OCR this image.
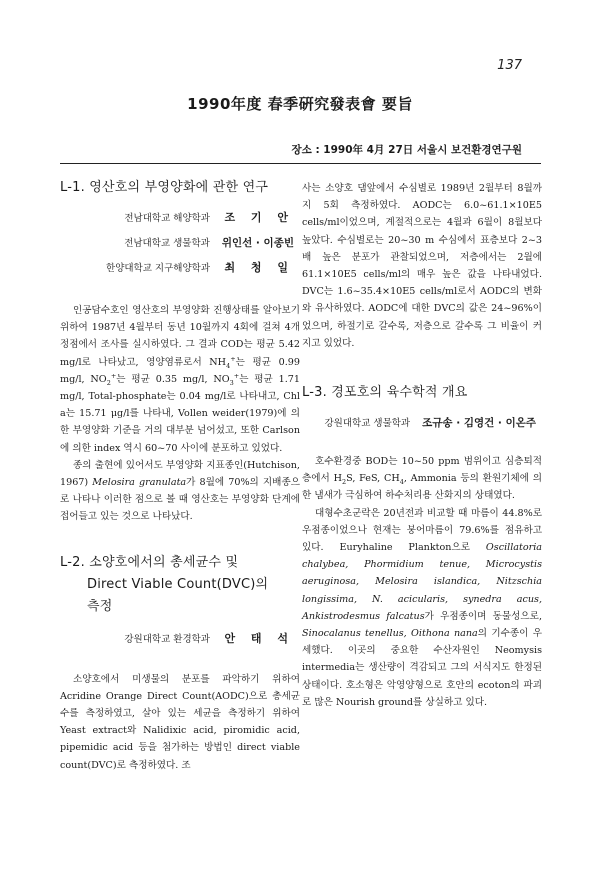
137
1990年度 春季硏究發表會 要旨
장소 : 1990年 4月 27日 서울시 보건환경연구원
L-1. 영산호의 부영양화에 관한 연구
전남대학교 해양학과 조 기 안
전남대학교 생물학과 위인선 · 이종빈
한양대학교 지구해양학과 최 청 일

인공담수호인 영산호의 부영양화 진행상태를 알아보기 위하여 1987년 4월부터 동년 10월까지 4회에 걸쳐 4개 정점에서 조사를 실시하였다. 그 결과 COD는 평균 5.42 mg/l로 나타났고, 영양염류로서 $NH_4^+$는 평균 0.99 mg/l, $NO_2^+$는 평균 0.35 mg/l, $NO_3^+$는 평균 1.71 mg/l, Total-phosphate는 0.04 mg/l로 나타내고, Chl a는 15.71 μg/l를 나타내, Vollen weider(1979)에 의한 부영양화 기준을 거의 대부분 넘어섰고, 또한 Carlson에 의한 index 역시 60~70 사이에 분포하고 있었다.

종의 출현에 있어서도 부영양화 지표종인(Hutchison, 1967) Melosira granulata가 8월에 70%의 지배종으로 나타나 이러한 점으로 볼 때 영산호는 부영양화 단계에 접어들고 있는 것으로 나타났다.

L-2. 소양호에서의 총세균수 및
Direct Viable Count(DVC)의
측정
강원대학교 환경학과 안 태 석

소양호에서 미생물의 분포를 파악하기 위하여 Acridine Orange Direct Count(AODC)으로 총세균수를 측정하였고, 살아 있는 세균을 측정하기 위하여 Yeast extract와 Nalidixic acid, piromidic acid, pipemidic acid 등을 첨가하는 방법인 direct viable count(DVC)로 측정하였다. 조

사는 소양호 댐앞에서 수심별로 1989년 2월부터 8월까지 5회 측정하였다. AODC는 6.0~61.1×10E5 cells/ml이었으며, 계절적으로는 4월과 6월이 8월보다 높았다. 수심별로는 20~30 m 수심에서 표층보다 2~3배 높은 분포가 관찰되었으며, 저층에서는 2월에 61.1×10E5 cells/ml의 매우 높은 값을 나타내었다. DVC는 1.6~35.4×10E5 cells/ml로서 AODC의 변화와 유사하였다. AODC에 대한 DVC의 값은 24~96%이었으며, 하절기로 갈수록, 저층으로 갈수록 그 비율이 커지고 있었다.

L-3. 경포호의 육수학적 개요
강원대학교 생물학과 조규송 · 김영건 · 이온주

호수환경중 BOD는 10~50 ppm 범위이고 심층퇴적층에서 $H_2S$, FeS, $CH_4$, Ammonia 등의 환원기체에 의한 냄새가 극심하여 하수처리용 산화지의 상태였다.

대형수초군락은 20년전과 비교할 때 마름이 44.8%로 우점종이었으나 현재는 붕어마름이 79.6%를 점유하고 있다. Euryhaline Plankton으로 Oscillatoria chalybea, Phormidium tenue, Microcystis aeruginosa, Melosira islandica, Nitzschia longissima, N. acicularis, synedra acus, Ankistrodesmus falcatus가 우점종이며 동물성으로, Sinocalanus tenellus, Oithona nana의 기수종이 우세했다. 이곳의 중요한 수산자원인 Neomysis intermedia는 생산량이 격감되고 그의 서식지도 한정된 상태이다. 호소형은 악영양형으로 호안의 ecoton의 파괴로 많은 Nourish ground를 상실하고 있다.
